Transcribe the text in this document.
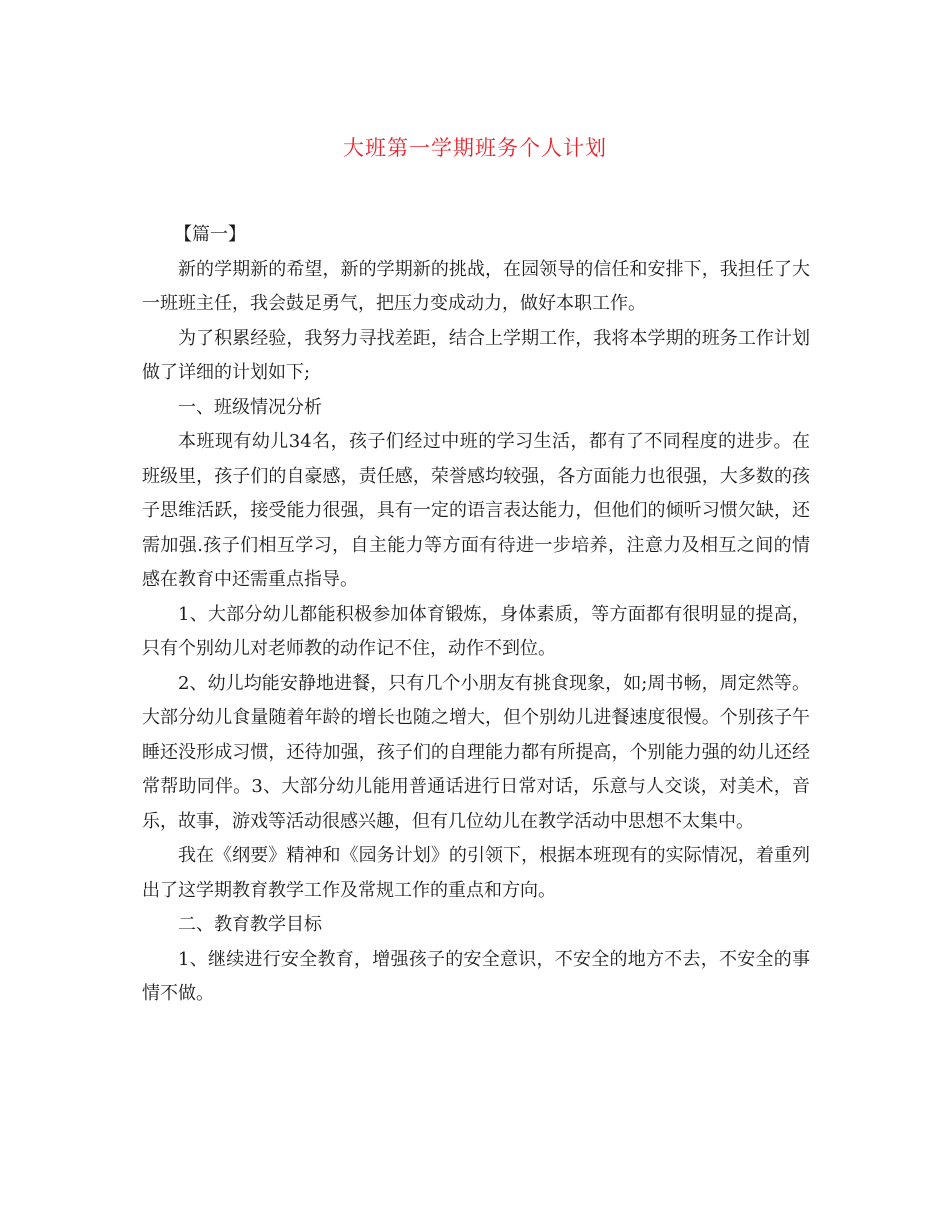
大班第一学期班务个人计划

【篇一】

新的学期新的希望，新的学期新的挑战，在园领导的信任和安排下，我担任了大一班班主任，我会鼓足勇气，把压力变成动力，做好本职工作。

为了积累经验，我努力寻找差距，结合上学期工作，我将本学期的班务工作计划做了详细的计划如下;

一、班级情况分析

本班现有幼儿34名，孩子们经过中班的学习生活，都有了不同程度的进步。在班级里，孩子们的自豪感，责任感，荣誉感均较强，各方面能力也很强，大多数的孩子思维活跃，接受能力很强，具有一定的语言表达能力，但他们的倾听习惯欠缺，还需加强.孩子们相互学习，自主能力等方面有待进一步培养，注意力及相互之间的情感在教育中还需重点指导。

1、大部分幼儿都能积极参加体育锻炼，身体素质，等方面都有很明显的提高，只有个别幼儿对老师教的动作记不住，动作不到位。

2、幼儿均能安静地进餐，只有几个小朋友有挑食现象，如;周书畅，周定然等。大部分幼儿食量随着年龄的增长也随之增大，但个别幼儿进餐速度很慢。个别孩子午睡还没形成习惯，还待加强，孩子们的自理能力都有所提高，个别能力强的幼儿还经常帮助同伴。3、大部分幼儿能用普通话进行日常对话，乐意与人交谈，对美术，音乐，故事，游戏等活动很感兴趣，但有几位幼儿在教学活动中思想不太集中。

我在《纲要》精神和《园务计划》的引领下，根据本班现有的实际情况，着重列出了这学期教育教学工作及常规工作的重点和方向。

二、教育教学目标

1、继续进行安全教育，增强孩子的安全意识，不安全的地方不去，不安全的事情不做。
